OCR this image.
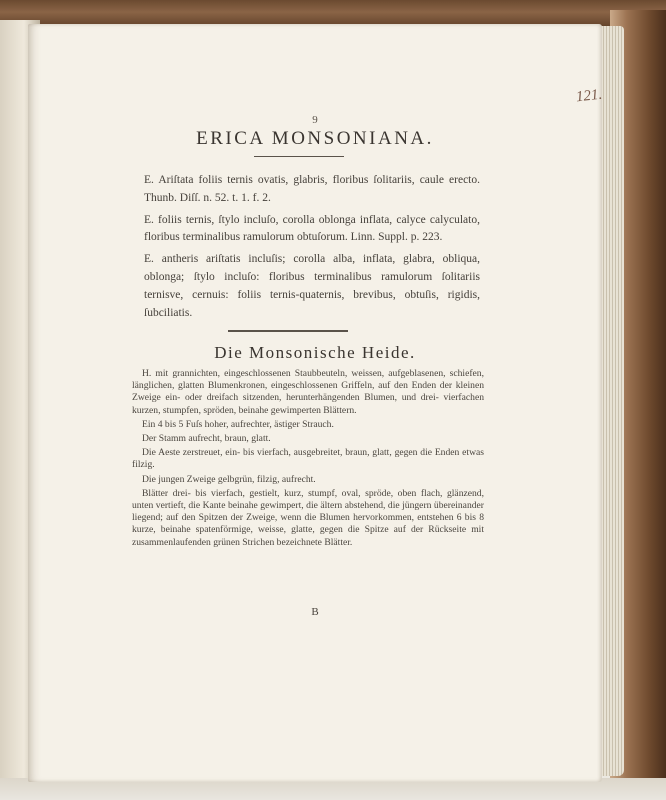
121.
9
ERICA MONSONIANA.

E. Ariſtata foliis ternis ovatis, glabris, floribus ſolitariis, caule erecto. Thunb. Diſſ. n. 52. t. 1. f. 2.

E. foliis ternis, ſtylo incluſo, corolla oblonga inflata, calyce calyculato, floribus terminalibus ramulorum obtuſorum. Linn. Suppl. p. 223.

E. antheris ariſtatis incluſis; corolla alba, inflata, glabra, obliqua, oblonga; ſtylo incluſo: floribus terminalibus ramulorum ſolitariis ternisve, cernuis: foliis ternis-quaternis, brevibus, obtuſis, rigidis, ſubciliatis.

Die Monsonische Heide.

H. mit grannichten, eingeschlossenen Staubbeuteln, weissen, aufgeblasenen, schiefen, länglichen, glatten Blumenkronen, eingeschlossenen Griffeln, auf den Enden der kleinen Zweige ein- oder dreifach sitzenden, herunterhängenden Blumen, und drei- vierfachen kurzen, stumpfen, spröden, beinahe gewimperten Blättern.

Ein 4 bis 5 Fuſs hoher, aufrechter, ästiger Strauch.

Der Stamm aufrecht, braun, glatt.

Die Aeste zerstreuet, ein- bis vierfach, ausgebreitet, braun, glatt, gegen die Enden etwas filzig.

Die jungen Zweige gelbgrün, filzig, aufrecht.

Blätter drei- bis vierfach, gestielt, kurz, stumpf, oval, spröde, oben flach, glänzend, unten vertieft, die Kante beinahe gewimpert, die ältern abstehend, die jüngern übereinander liegend; auf den Spitzen der Zweige, wenn die Blumen hervorkommen, entstehen 6 bis 8 kurze, beinahe spatenförmige, weisse, glatte, gegen die Spitze auf der Rückseite mit zusammenlaufenden grünen Strichen bezeichnete Blätter.

B
